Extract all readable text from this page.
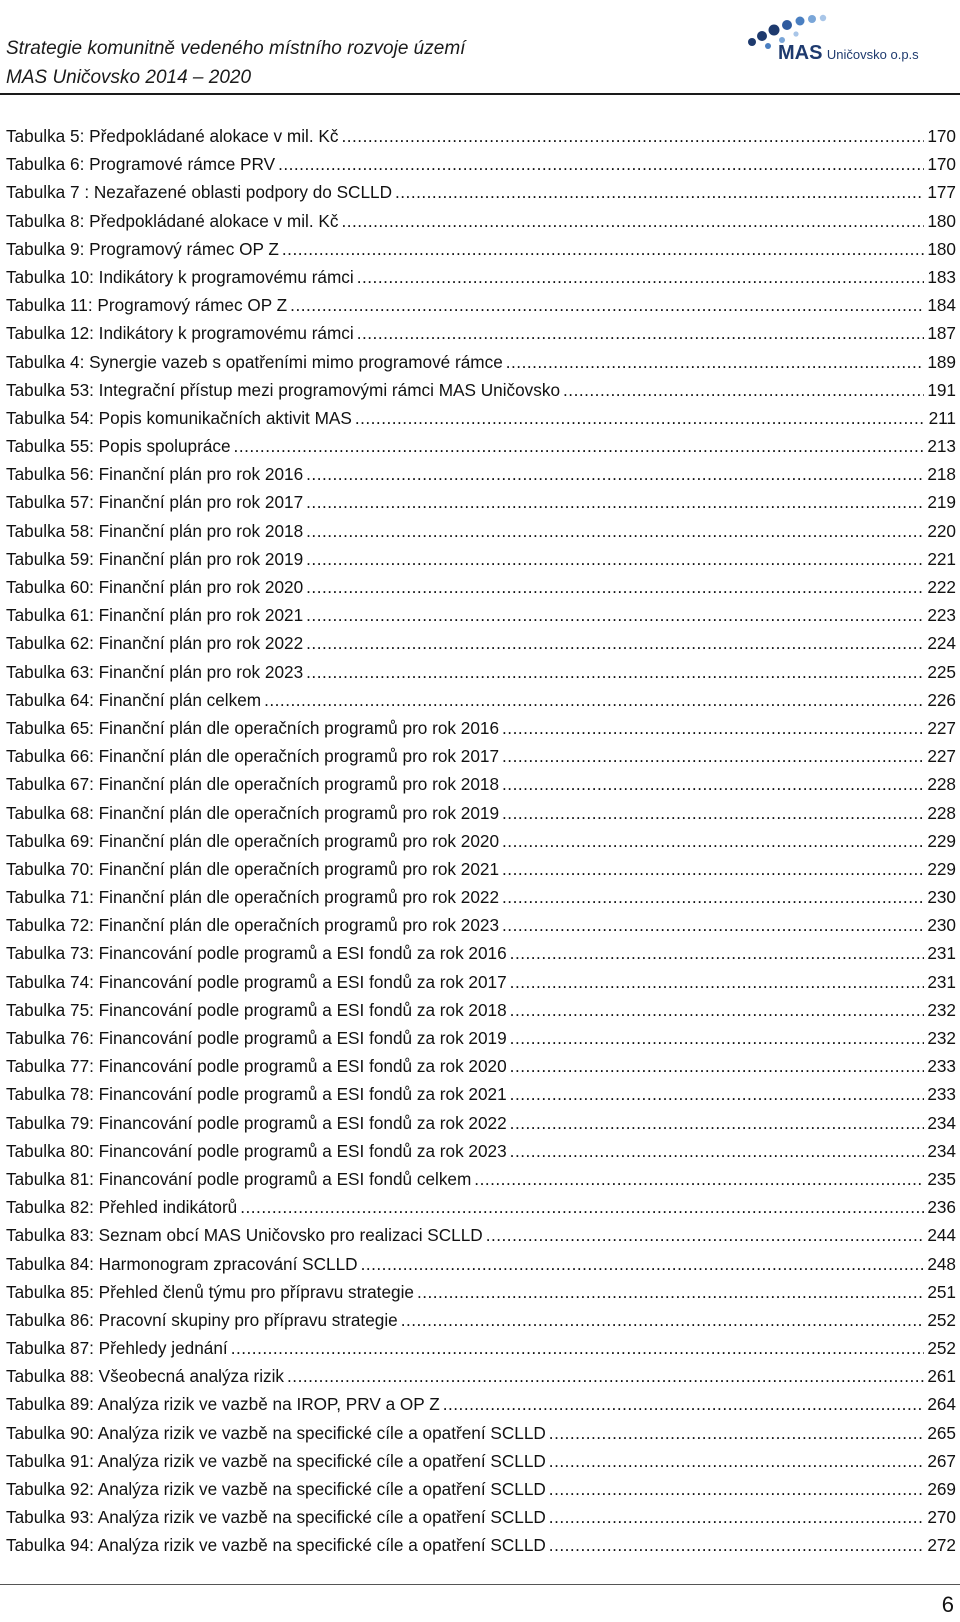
Strategie komunitně vedeného místního rozvoje území
MAS Uničovsko 2014 – 2020
MAS Uničovsko o.p.s
Tabulka 5: Předpokládané alokace v mil. Kč .....	170
Tabulka 6: Programové rámce PRV .....	170
Tabulka 7 : Nezařazené oblasti podpory do SCLLD .....	177
Tabulka 8: Předpokládané alokace v mil. Kč .....	180
Tabulka 9: Programový rámec OP Z .....	180
Tabulka 10: Indikátory k programovému rámci .....	183
Tabulka 11: Programový rámec OP Z .....	184
Tabulka 12: Indikátory k programovému rámci .....	187
Tabulka 4: Synergie vazeb s opatřeními mimo programové rámce .....	189
Tabulka 53: Integrační přístup mezi programovými rámci MAS Uničovsko .....	191
Tabulka 54: Popis komunikačních aktivit MAS .....	211
Tabulka 55: Popis spolupráce .....	213
Tabulka 56: Finanční plán pro rok 2016 .....	218
Tabulka 57: Finanční plán pro rok 2017 .....	219
Tabulka 58: Finanční plán pro rok 2018 .....	220
Tabulka 59: Finanční plán pro rok 2019 .....	221
Tabulka 60: Finanční plán pro rok 2020 .....	222
Tabulka 61: Finanční plán pro rok 2021 .....	223
Tabulka 62: Finanční plán pro rok 2022 .....	224
Tabulka 63: Finanční plán pro rok 2023 .....	225
Tabulka 64: Finanční plán celkem .....	226
Tabulka 65: Finanční plán dle operačních programů pro rok 2016 .....	227
Tabulka 66: Finanční plán dle operačních programů pro rok 2017 .....	227
Tabulka 67: Finanční plán dle operačních programů pro rok 2018 .....	228
Tabulka 68: Finanční plán dle operačních programů pro rok 2019 .....	228
Tabulka 69: Finanční plán dle operačních programů pro rok 2020 .....	229
Tabulka 70: Finanční plán dle operačních programů pro rok 2021 .....	229
Tabulka 71: Finanční plán dle operačních programů pro rok 2022 .....	230
Tabulka 72: Finanční plán dle operačních programů pro rok 2023 .....	230
Tabulka 73: Financování podle programů a ESI fondů za rok 2016 .....	231
Tabulka 74: Financování podle programů a ESI fondů za rok 2017 .....	231
Tabulka 75: Financování podle programů a ESI fondů za rok 2018 .....	232
Tabulka 76: Financování podle programů a ESI fondů za rok 2019 .....	232
Tabulka 77: Financování podle programů a ESI fondů za rok 2020 .....	233
Tabulka 78: Financování podle programů a ESI fondů za rok 2021 .....	233
Tabulka 79: Financování podle programů a ESI fondů za rok 2022 .....	234
Tabulka 80: Financování podle programů a ESI fondů za rok 2023 .....	234
Tabulka 81: Financování podle programů a ESI fondů celkem .....	235
Tabulka 82: Přehled indikátorů .....	236
Tabulka 83: Seznam obcí MAS Uničovsko pro realizaci SCLLD .....	244
Tabulka 84: Harmonogram zpracování SCLLD .....	248
Tabulka 85: Přehled členů týmu pro přípravu strategie .....	251
Tabulka 86: Pracovní skupiny pro přípravu strategie .....	252
Tabulka 87: Přehledy jednání .....	252
Tabulka 88: Všeobecná analýza rizik .....	261
Tabulka 89: Analýza rizik ve vazbě na IROP, PRV a OP Z .....	264
Tabulka 90: Analýza rizik ve vazbě na specifické cíle a opatření SCLLD .....	265
Tabulka 91: Analýza rizik ve vazbě na specifické cíle a opatření SCLLD .....	267
Tabulka 92: Analýza rizik ve vazbě na specifické cíle a opatření SCLLD .....	269
Tabulka 93: Analýza rizik ve vazbě na specifické cíle a opatření SCLLD .....	270
Tabulka 94: Analýza rizik ve vazbě na specifické cíle a opatření SCLLD .....	272
6
